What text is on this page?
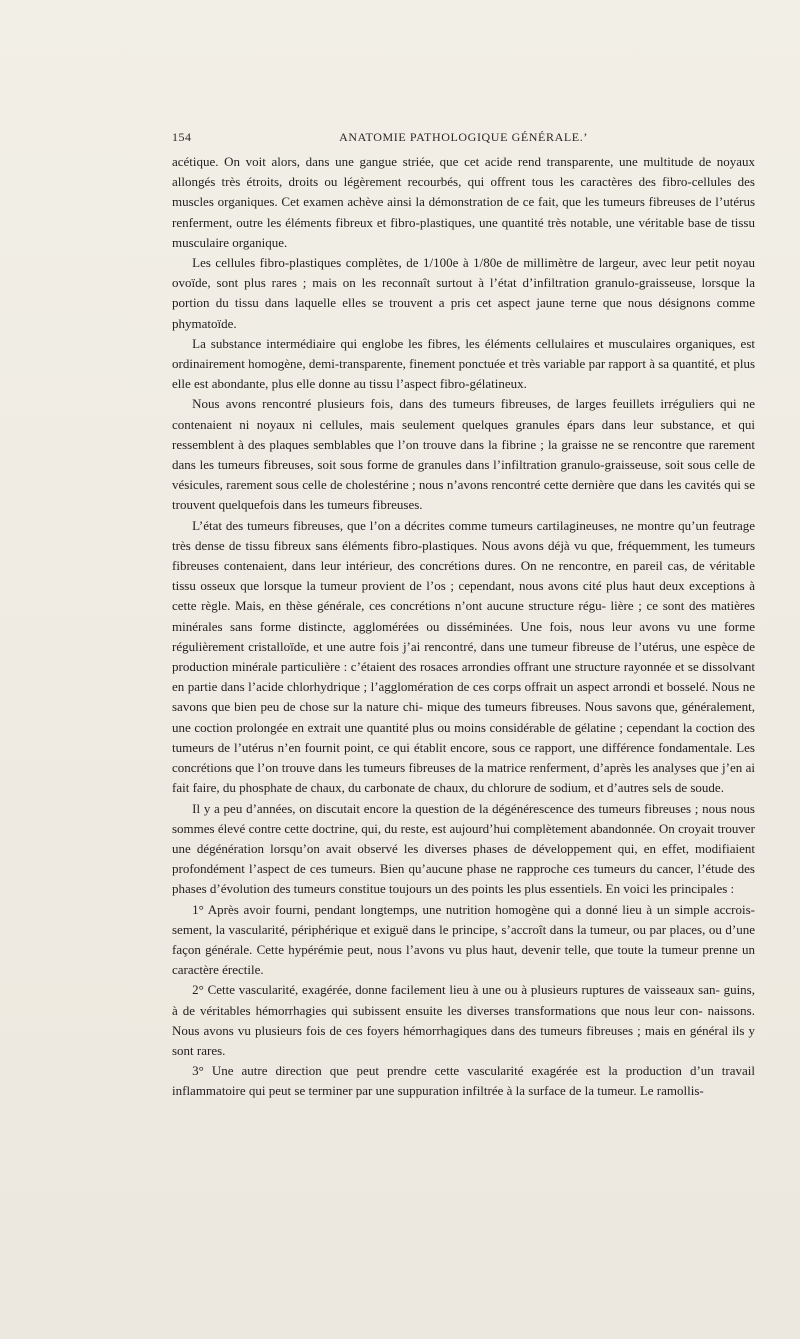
154	ANATOMIE PATHOLOGIQUE GÉNÉRALE.’

acétique. On voit alors, dans une gangue striée, que cet acide rend transparente, une multitude de noyaux allongés très étroits, droits ou légèrement recourbés, qui offrent tous les caractères des fibro-cellules des muscles organiques. Cet examen achève ainsi la démonstration de ce fait, que les tumeurs fibreuses de l’utérus renferment, outre les éléments fibreux et fibro-plastiques, une quantité très notable, une véritable base de tissu musculaire organique.

Les cellules fibro-plastiques complètes, de 1/100e à 1/80e de millimètre de largeur, avec leur petit noyau ovoïde, sont plus rares ; mais on les reconnaît surtout à l’état d’infiltration granulo-graisseuse, lorsque la portion du tissu dans laquelle elles se trouvent a pris cet aspect jaune terne que nous désignons comme phymatoïde.

La substance intermédiaire qui englobe les fibres, les éléments cellulaires et musculaires organiques, est ordinairement homogène, demi-transparente, finement ponctuée et très variable par rapport à sa quantité, et plus elle est abondante, plus elle donne au tissu l’aspect fibro-gélatineux.

Nous avons rencontré plusieurs fois, dans des tumeurs fibreuses, de larges feuillets irréguliers qui ne contenaient ni noyaux ni cellules, mais seulement quelques granules épars dans leur substance, et qui ressemblent à des plaques semblables que l’on trouve dans la fibrine ; la graisse ne se rencontre que rarement dans les tumeurs fibreuses, soit sous forme de granules dans l’infiltration granulo-graisseuse, soit sous celle de vésicules, rarement sous celle de cholestérine ; nous n’avons rencontré cette dernière que dans les cavités qui se trouvent quelquefois dans les tumeurs fibreuses.

L’état des tumeurs fibreuses, que l’on a décrites comme tumeurs cartilagineuses, ne montre qu’un feutrage très dense de tissu fibreux sans éléments fibro-plastiques. Nous avons déjà vu que, fréquemment, les tumeurs fibreuses contenaient, dans leur intérieur, des concrétions dures. On ne rencontre, en pareil cas, de véritable tissu osseux que lorsque la tumeur provient de l’os ; cependant, nous avons cité plus haut deux exceptions à cette règle. Mais, en thèse générale, ces concrétions n’ont aucune structure régu- lière ; ce sont des matières minérales sans forme distincte, agglomérées ou disséminées. Une fois, nous leur avons vu une forme régulièrement cristalloïde, et une autre fois j’ai rencontré, dans une tumeur fibreuse de l’utérus, une espèce de production minérale particulière : c’étaient des rosaces arrondies offrant une structure rayonnée et se dissolvant en partie dans l’acide chlorhydrique ; l’agglomération de ces corps offrait un aspect arrondi et bosselé. Nous ne savons que bien peu de chose sur la nature chi- mique des tumeurs fibreuses. Nous savons que, généralement, une coction prolongée en extrait une quantité plus ou moins considérable de gélatine ; cependant la coction des tumeurs de l’utérus n’en fournit point, ce qui établit encore, sous ce rapport, une différence fondamentale. Les concrétions que l’on trouve dans les tumeurs fibreuses de la matrice renferment, d’après les analyses que j’en ai fait faire, du phosphate de chaux, du carbonate de chaux, du chlorure de sodium, et d’autres sels de soude.

Il y a peu d’années, on discutait encore la question de la dégénérescence des tumeurs fibreuses ; nous nous sommes élevé contre cette doctrine, qui, du reste, est aujourd’hui complètement abandonnée. On croyait trouver une dégénération lorsqu’on avait observé les diverses phases de développement qui, en effet, modifiaient profondément l’aspect de ces tumeurs. Bien qu’aucune phase ne rapproche ces tumeurs du cancer, l’étude des phases d’évolution des tumeurs constitue toujours un des points les plus essentiels. En voici les principales :

1° Après avoir fourni, pendant longtemps, une nutrition homogène qui a donné lieu à un simple accrois- sement, la vascularité, périphérique et exiguë dans le principe, s’accroît dans la tumeur, ou par places, ou d’une façon générale. Cette hypérémie peut, nous l’avons vu plus haut, devenir telle, que toute la tumeur prenne un caractère érectile.

2° Cette vascularité, exagérée, donne facilement lieu à une ou à plusieurs ruptures de vaisseaux san- guins, à de véritables hémorrhagies qui subissent ensuite les diverses transformations que nous leur con- naissons. Nous avons vu plusieurs fois de ces foyers hémorrhagiques dans des tumeurs fibreuses ; mais en général ils y sont rares.

3° Une autre direction que peut prendre cette vascularité exagérée est la production d’un travail inflammatoire qui peut se terminer par une suppuration infiltrée à la surface de la tumeur. Le ramollis-
